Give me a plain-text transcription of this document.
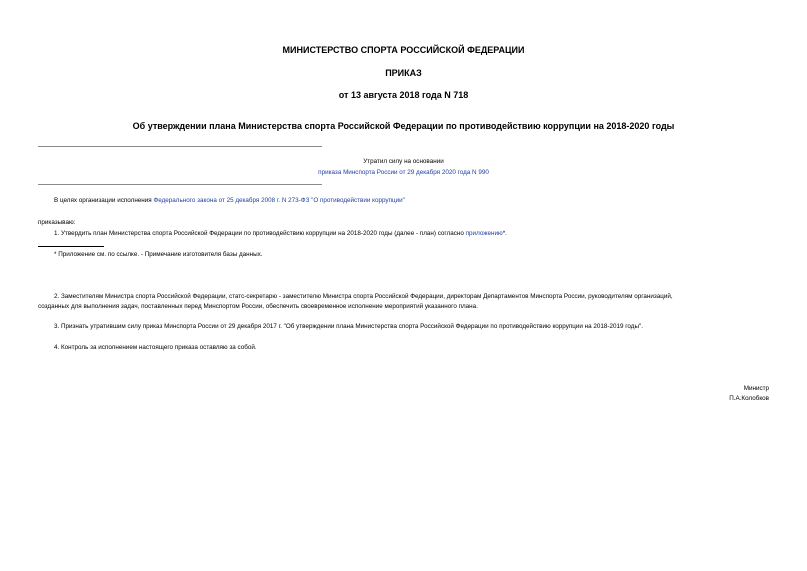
МИНИСТЕРСТВО СПОРТА РОССИЙСКОЙ ФЕДЕРАЦИИ
ПРИКАЗ
от 13 августа 2018 года N 718
Об утверждении плана Министерства спорта Российской Федерации по противодействию коррупции на 2018-2020 годы
Утратил силу на основании
приказа Минспорта России от 29 декабря 2020 года N 990
В целях организации исполнения Федерального закона от 25 декабря 2008 г. N 273-ФЗ "О противодействии коррупции"
приказываю:
1. Утвердить план Министерства спорта Российской Федерации по противодействию коррупции на 2018-2020 годы (далее - план) согласно приложению*.
* Приложение см. по ссылке. - Примечание изготовителя базы данных.
2. Заместителям Министра спорта Российской Федерации, статс-секретарю - заместителю Министра спорта Российской Федерации, директорам Департаментов Минспорта России, руководителям организаций,
созданных для выполнения задач, поставленных перед Минспортом России, обеспечить своевременное исполнение мероприятий указанного плана.
3. Признать утратившим силу приказ Минспорта России от 29 декабря 2017 г. "Об утверждении плана Министерства спорта Российской Федерации по противодействию коррупции на 2018-2019 годы".
4. Контроль за исполнением настоящего приказа оставляю за собой.
Министр
П.А.Колобков
